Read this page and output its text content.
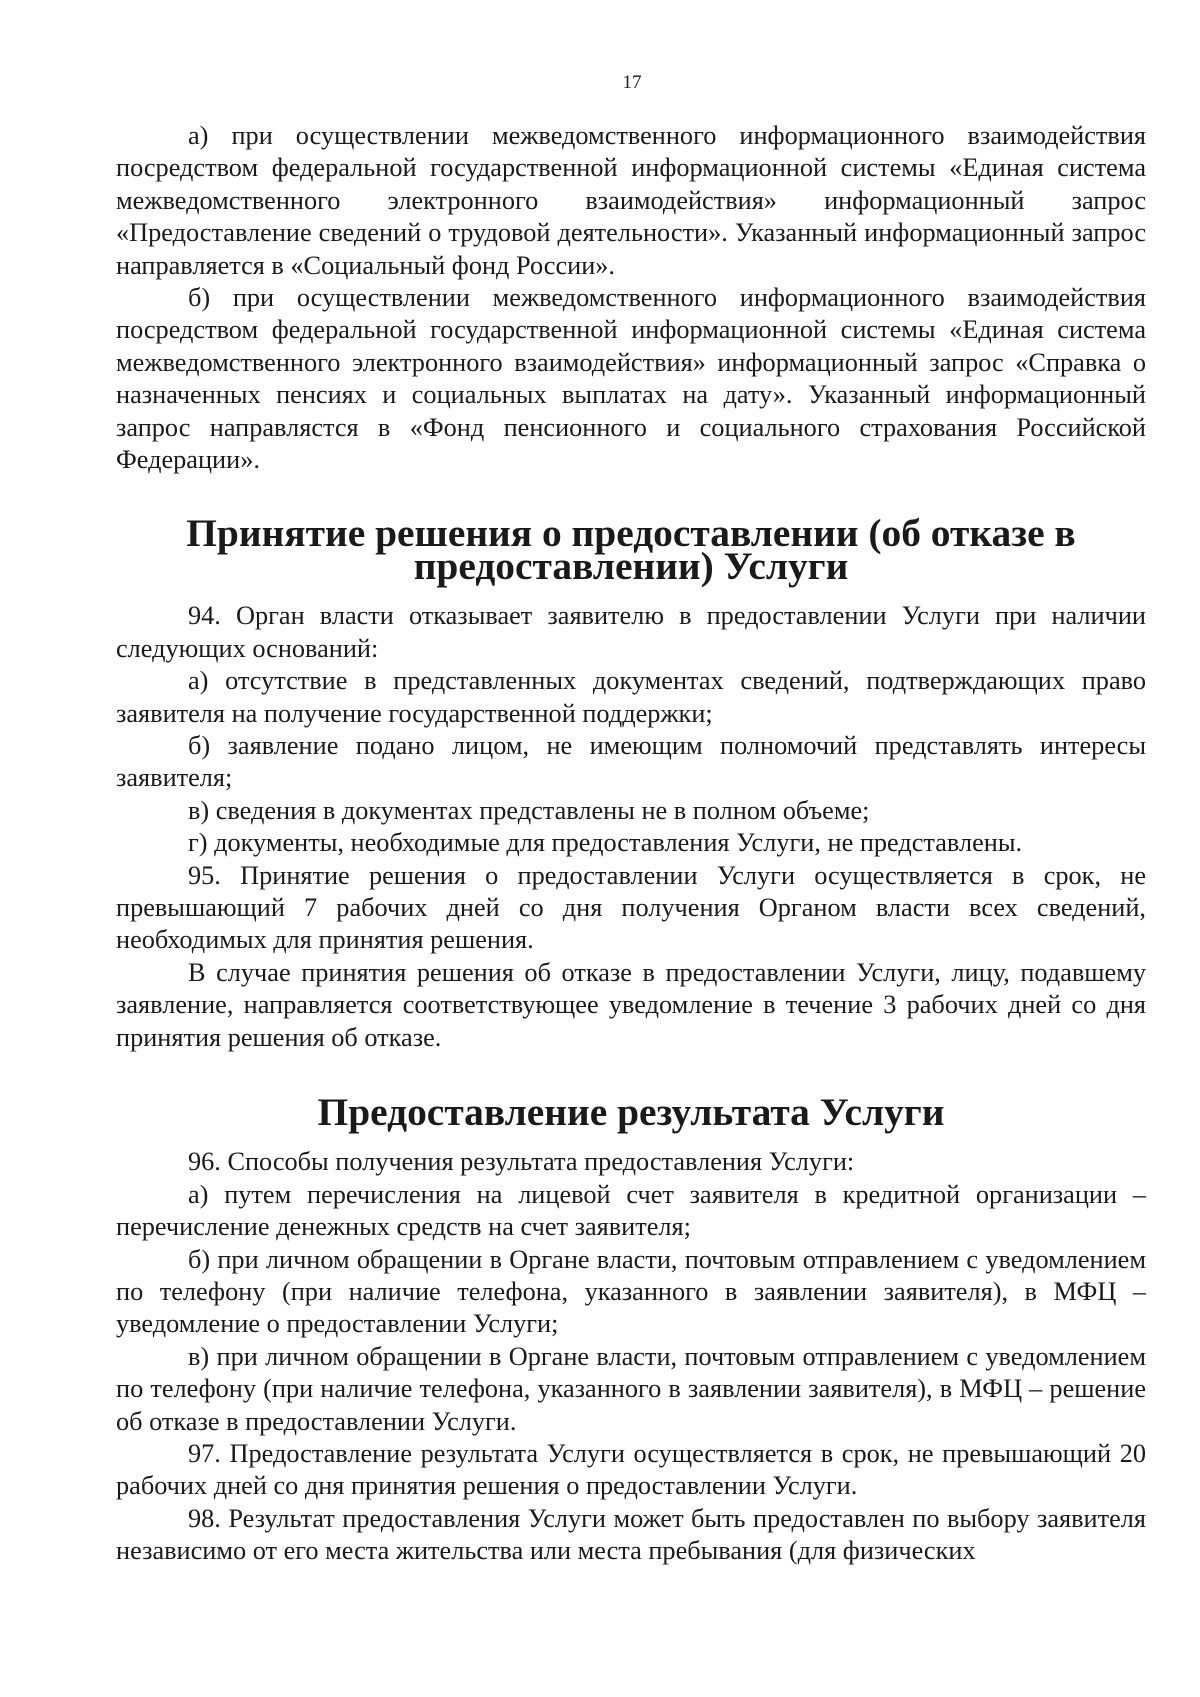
17

а) при осуществлении межведомственного информационного взаимодействия посредством федеральной государственной информационной системы «Единая система межведомственного электронного взаимодействия» информационный запрос «Предоставление сведений о трудовой деятельности». Указанный информационный запрос направляется в «Социальный фонд России».

б) при осуществлении межведомственного информационного взаимодействия посредством федеральной государственной информационной системы «Единая система межведомственного электронного взаимодействия» информационный запрос «Справка о назначенных пенсиях и социальных выплатах на дату». Указанный информационный запрос направлястся в «Фонд пенсионного и социального страхования Российской Федерации».

Принятие решения о предоставлении (об отказе в предоставлении) Услуги

94. Орган власти отказывает заявителю в предоставлении Услуги при наличии следующих оснований:

а) отсутствие в представленных документах сведений, подтверждающих право заявителя на получение государственной поддержки;

б) заявление подано лицом, не имеющим полномочий представлять интересы заявителя;

в) сведения в документах представлены не в полном объеме;

г) документы, необходимые для предоставления Услуги, не представлены.

95. Принятие решения о предоставлении Услуги осуществляется в срок, не превышающий 7 рабочих дней со дня получения Органом власти всех сведений, необходимых для принятия решения.

В случае принятия решения об отказе в предоставлении Услуги, лицу, подавшему заявление, направляется соответствующее уведомление в течение 3 рабочих дней со дня принятия решения об отказе.

Предоставление результата Услуги

96. Способы получения результата предоставления Услуги:

а) путем перечисления на лицевой счет заявителя в кредитной организации – перечисление денежных средств на счет заявителя;

б) при личном обращении в Органе власти, почтовым отправлением с уведомлением по телефону (при наличие телефона, указанного в заявлении заявителя), в МФЦ – уведомление о предоставлении Услуги;

в) при личном обращении в Органе власти, почтовым отправлением с уведомлением по телефону (при наличие телефона, указанного в заявлении заявителя), в МФЦ – решение об отказе в предоставлении Услуги.

97. Предоставление результата Услуги осуществляется в срок, не превышающий 20 рабочих дней со дня принятия решения о предоставлении Услуги.

98. Результат предоставления Услуги может быть предоставлен по выбору заявителя независимо от его места жительства или места пребывания (для физических
